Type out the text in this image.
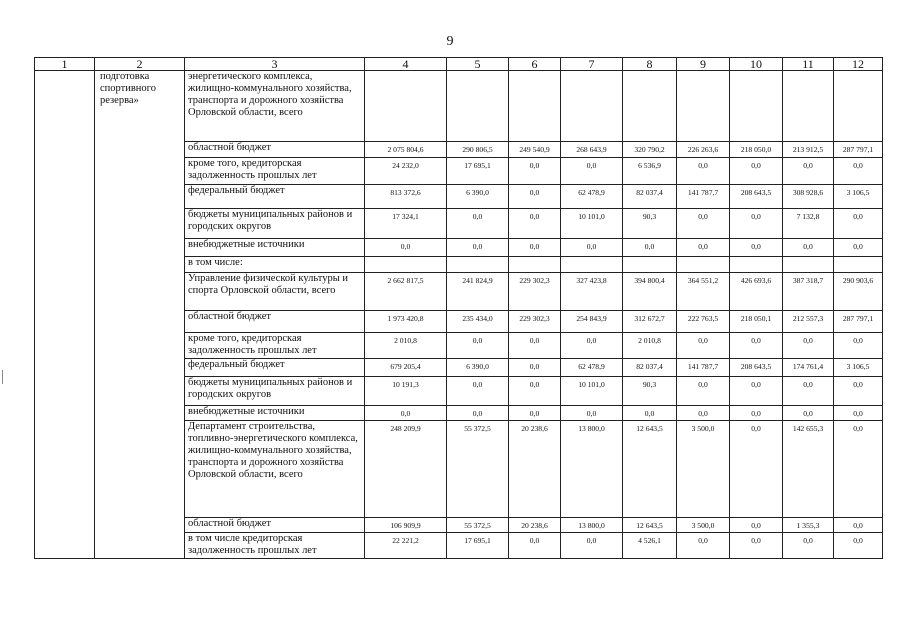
9
1	2	3	4	5	6	7	8	9	10	11	12
	подготовка спортивного резерва»	энергетического комплекса, жилищно-коммунального хозяйства, транспорта и дорожного хозяйства Орловской области, всего									
		областной бюджет	2 075 804,6	290 806,5	249 540,9	268 643,9	320 790,2	226 263,6	218 050,0	213 912,5	287 797,1
		кроме того, кредиторская задолженность прошлых лет	24 232,0	17 695,1	0,0	0,0	6 536,9	0,0	0,0	0,0	0,0
		федеральный бюджет	813 372,6	6 390,0	0,0	62 478,9	82 037,4	141 787,7	208 643,5	308 928,6	3 106,5
		бюджеты муниципальных районов и городских округов	17 324,1	0,0	0,0	10 101,0	90,3	0,0	0,0	7 132,8	0,0
		внебюджетные источники	0,0	0,0	0,0	0,0	0,0	0,0	0,0	0,0	0,0
		в том числе:									
		Управление физической культуры и спорта Орловской области, всего	2 662 817,5	241 824,9	229 302,3	327 423,8	394 800,4	364 551,2	426 693,6	387 318,7	290 903,6
		областной бюджет	1 973 420,8	235 434,0	229 302,3	254 843,9	312 672,7	222 763,5	218 050,1	212 557,3	287 797,1
		кроме того, кредиторская задолженность прошлых лет	2 010,8	0,0	0,0	0,0	2 010,8	0,0	0,0	0,0	0,0
		федеральный бюджет	679 205,4	6 390,0	0,0	62 478,9	82 037,4	141 787,7	208 643,5	174 761,4	3 106,5
		бюджеты муниципальных районов и городских округов	10 191,3	0,0	0,0	10 101,0	90,3	0,0	0,0	0,0	0,0
		внебюджетные источники	0,0	0,0	0,0	0,0	0,0	0,0	0,0	0,0	0,0
		Департамент строительства, топливно-энергетического комплекса, жилищно-коммунального хозяйства, транспорта и дорожного хозяйства Орловской области, всего	248 209,9	55 372,5	20 238,6	13 800,0	12 643,5	3 500,0	0,0	142 655,3	0,0
		областной бюджет	106 909,9	55 372,5	20 238,6	13 800,0	12 643,5	3 500,0	0,0	1 355,3	0,0
		в том числе кредиторская задолженность прошлых лет	22 221,2	17 695,1	0,0	0,0	4 526,1	0,0	0,0	0,0	0,0
